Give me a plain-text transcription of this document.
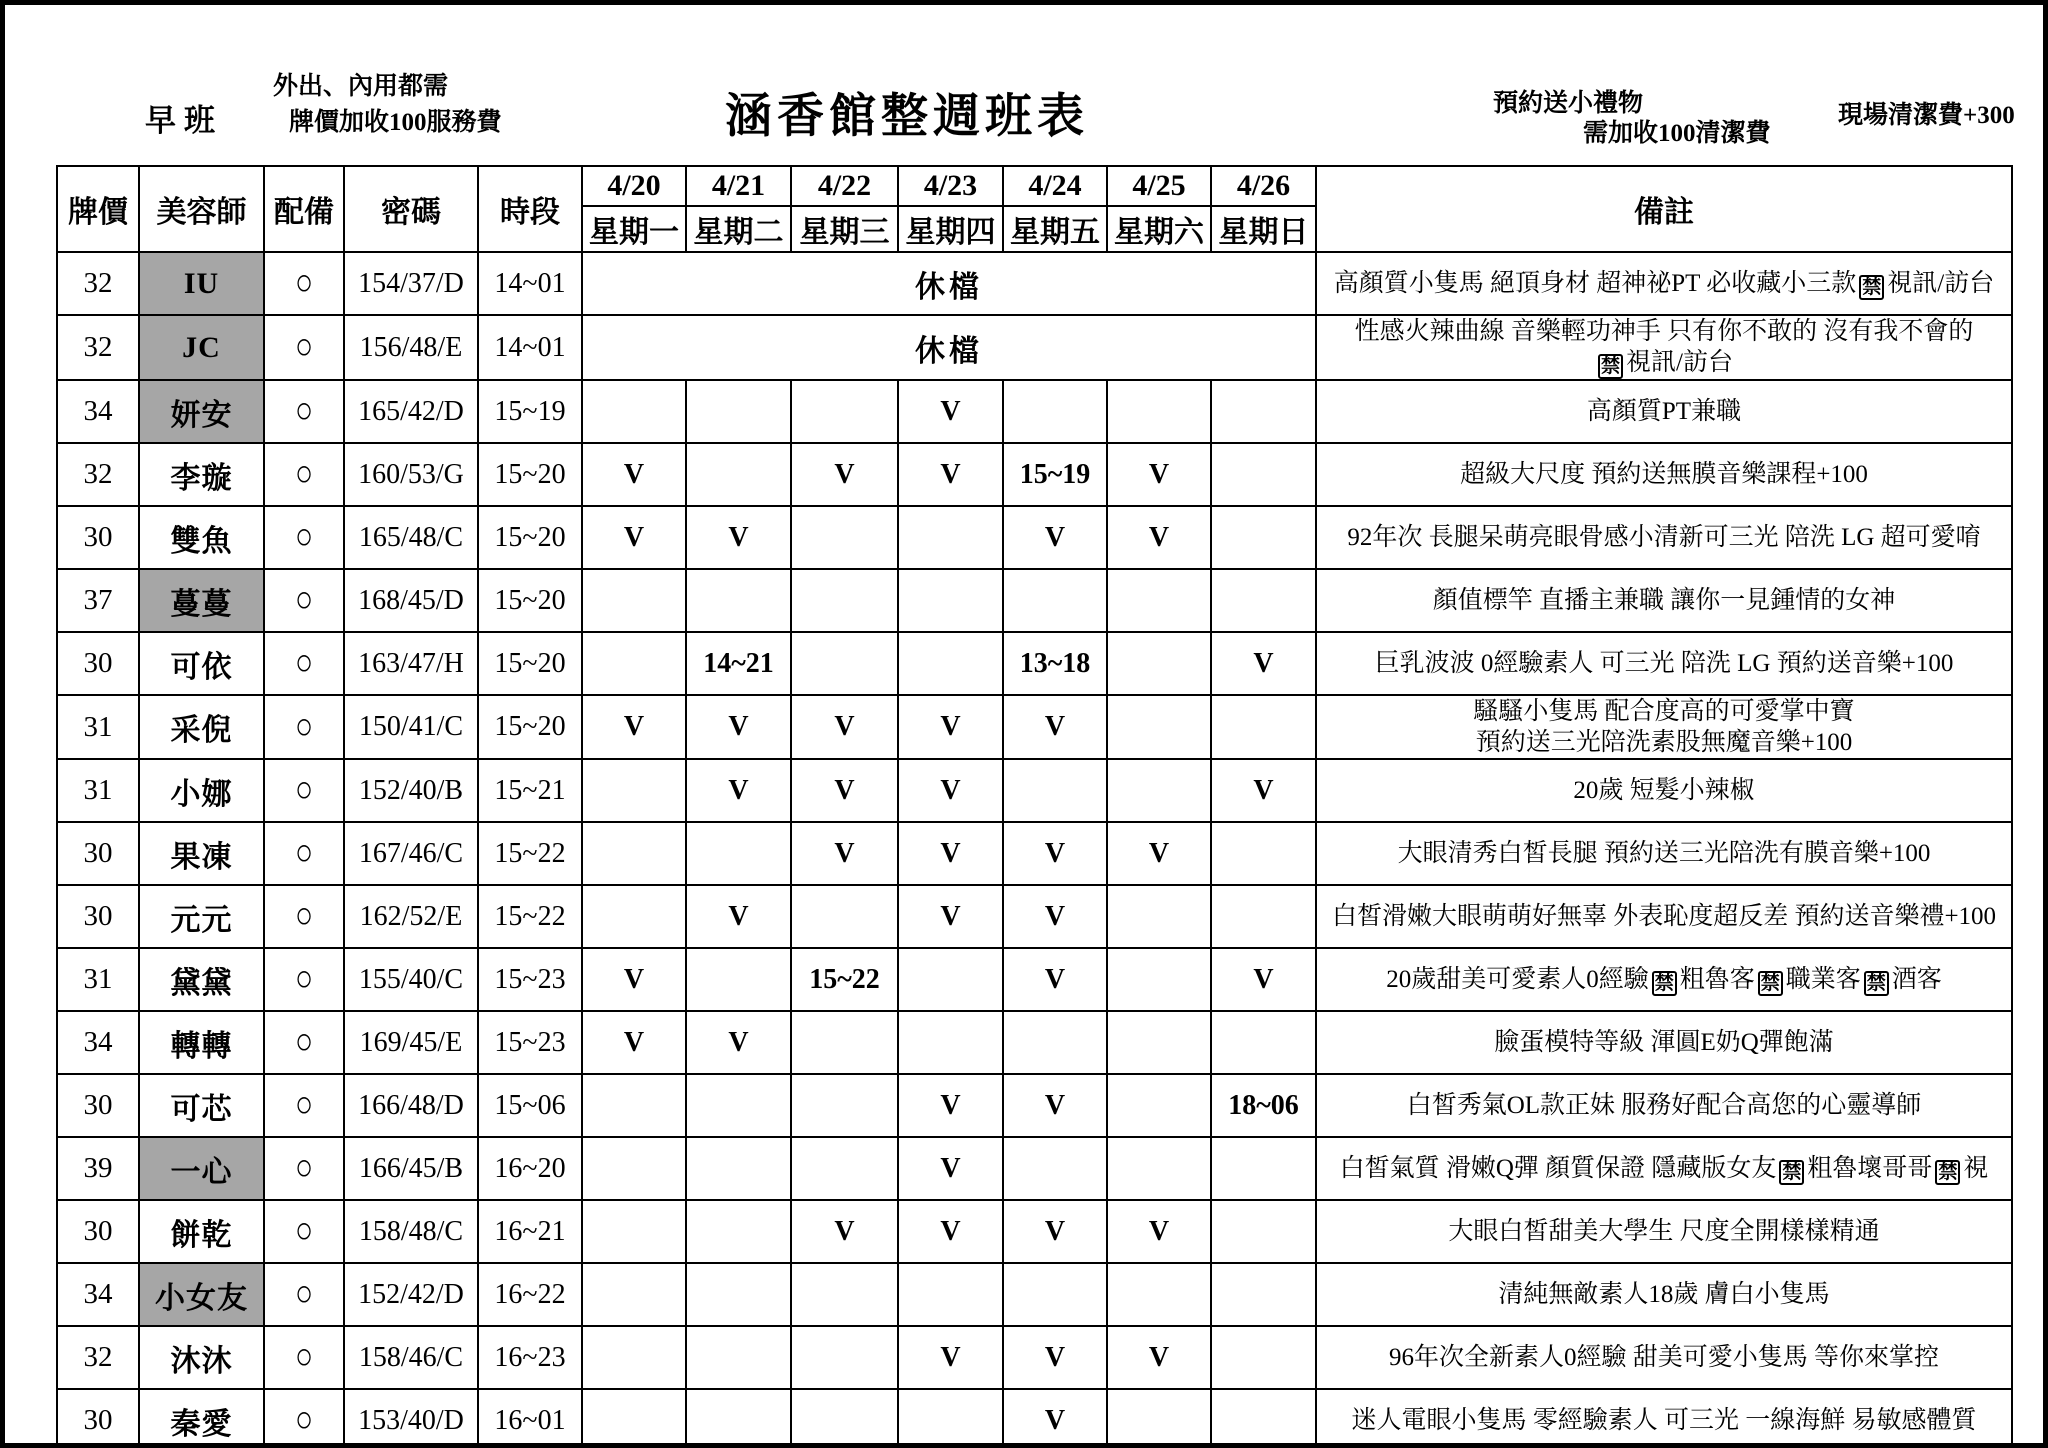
早班
外出、內用都需
牌價加收100服務費	涵香館整週班表	預約送小禮物
需加收100清潔費
現場清潔費+300
牌價	美容師	配備	密碼	時段	4/20	4/21	4/22	4/23	4/24	4/25	4/26	備註
					星期一	星期二	星期三	星期四	星期五	星期六	星期日	
32	IU	○	154/37/D	14~01	休檔							高顏質小隻馬 絕頂身材 超神祕PT 必收藏小三款 禁 視訊/訪台

32	JC	○	156/48/E	14~01	休檔							性感火辣曲線 音樂輕功神手 只有你不敢的 沒有我不會的
禁 視訊/訪台

34	妍安	○	165/42/D	15~19				V				高顏質PT兼職

32	李璇	○	160/53/G	15~20	V		V	V	15~19	V		超級大尺度 預約送無膜音樂課程+100

30	雙魚	○	165/48/C	15~20	V	V			V	V		92年次 長腿呆萌亮眼骨感小清新可三光 陪洗 LG 超可愛唷

37	蔓蔓	○	168/45/D	15~20								顏值標竿 直播主兼職 讓你一見鍾情的女神

30	可依	○	163/47/H	15~20		14~21			13~18		V	巨乳波波 0經驗素人 可三光 陪洗 LG 預約送音樂+100

31	采倪	○	150/41/C	15~20	V	V	V	V	V			騷騷小隻馬 配合度高的可愛掌中寶
預約送三光陪洗素股無魔音樂+100

31	小娜	○	152/40/B	15~21		V	V	V			V	20歲 短髮小辣椒

30	果凍	○	167/46/C	15~22			V	V	V	V		大眼清秀白皙長腿 預約送三光陪洗有膜音樂+100

30	元元	○	162/52/E	15~22		V		V	V			白皙滑嫩大眼萌萌好無辜 外表恥度超反差 預約送音樂禮+100

31	黛黛	○	155/40/C	15~23	V		15~22		V		V	20歲甜美可愛素人0經驗 禁 粗魯客 禁 職業客 禁 酒客

34	轉轉	○	169/45/E	15~23	V	V						臉蛋模特等級 渾圓E奶Q彈飽滿

30	可芯	○	166/48/D	15~06				V	V		18~06	白皙秀氣OL款正妹 服務好配合高您的心靈導師

39	一心	○	166/45/B	16~20				V				白皙氣質 滑嫩Q彈 顏質保證 隱藏版女友 禁 粗魯壞哥哥 禁 視

30	餅乾	○	158/48/C	16~21			V	V	V	V		大眼白皙甜美大學生 尺度全開樣樣精通

34	小女友	○	152/42/D	16~22								清純無敵素人18歲 膚白小隻馬

32	沐沐	○	158/46/C	16~23				V	V	V		96年次全新素人0經驗 甜美可愛小隻馬 等你來掌控

30	秦愛	○	153/40/D	16~01					V			迷人電眼小隻馬 零經驗素人 可三光 一線海鮮 易敏感體質
